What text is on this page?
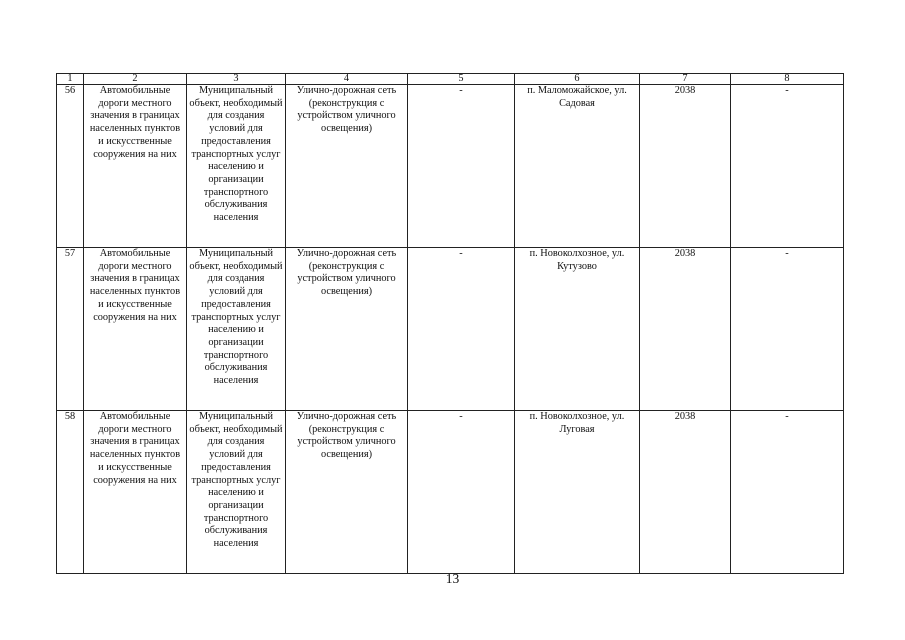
1	2	3	4	5	6	7	8
56	Автомобильные дороги местного значения в границах населенных пунктов и искусственные сооружения на них	Муниципальный объект, необходимый для создания условий для предоставления транспортных услуг населению и организации транспортного обслуживания населения	Улично-дорожная сеть (реконструкция с устройством уличного освещения)	-	п. Маломожайское, ул. Садовая	2038	-
57	Автомобильные дороги местного значения в границах населенных пунктов и искусственные сооружения на них	Муниципальный объект, необходимый для создания условий для предоставления транспортных услуг населению и организации транспортного обслуживания населения	Улично-дорожная сеть (реконструкция с устройством уличного освещения)	-	п. Новоколхозное, ул. Кутузово	2038	-
58	Автомобильные дороги местного значения в границах населенных пунктов и искусственные сооружения на них	Муниципальный объект, необходимый для создания условий для предоставления транспортных услуг населению и организации транспортного обслуживания населения	Улично-дорожная сеть (реконструкция с устройством уличного освещения)	-	п. Новоколхозное, ул. Луговая	2038	-
13
